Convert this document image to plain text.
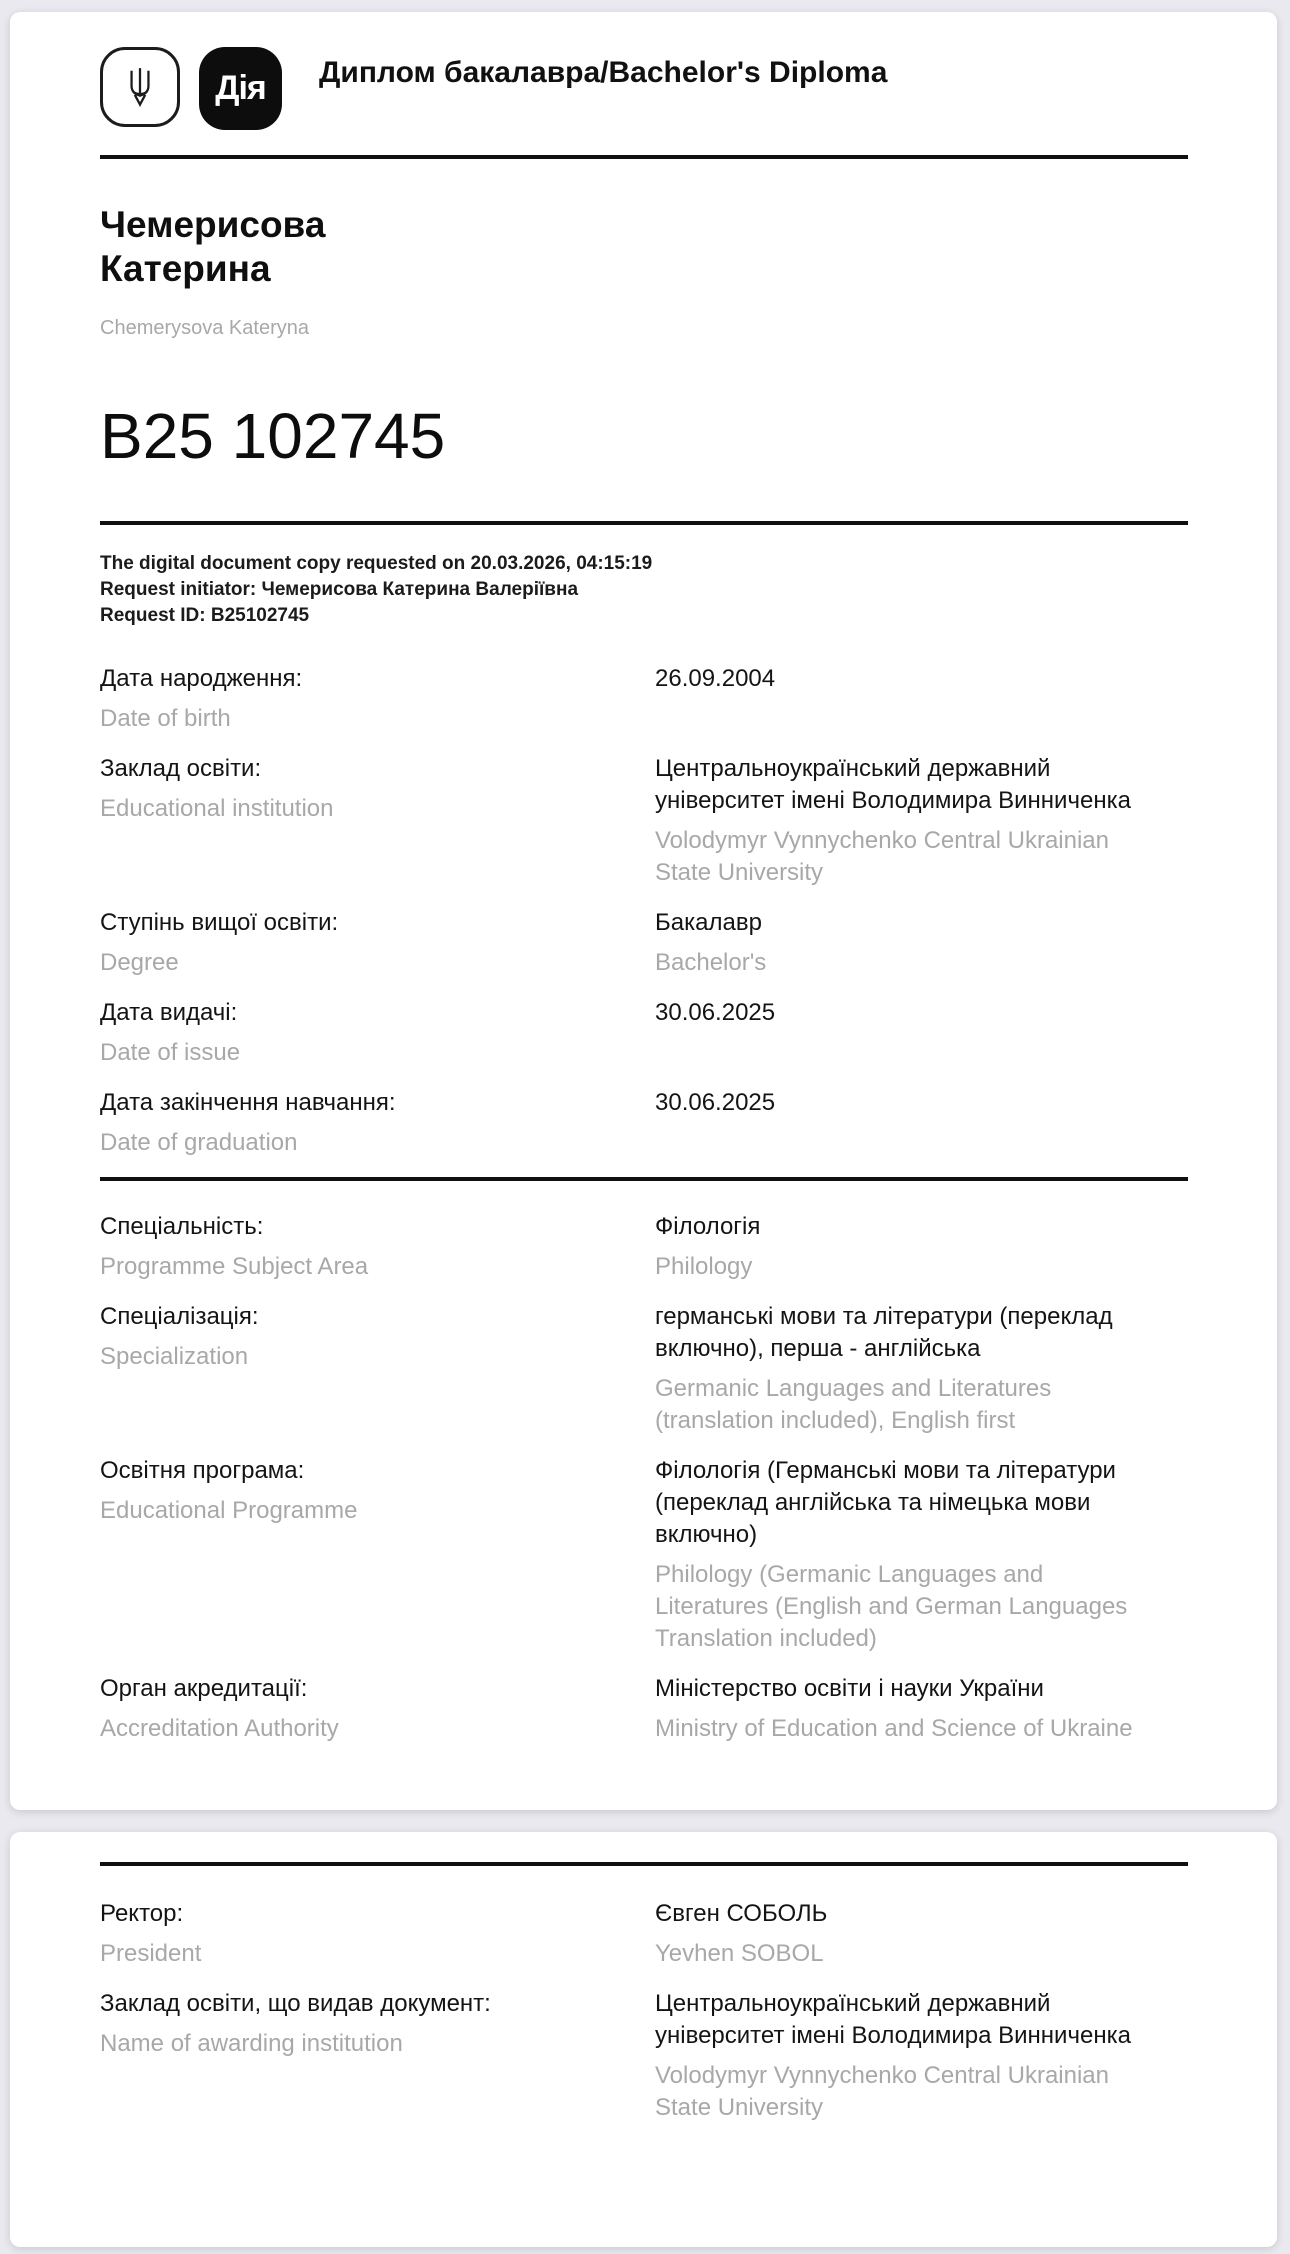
Дія Диплом бакалавра/Bachelor's Diploma
Чемерисова
Катерина
Chemerysova Kateryna
В25 102745
The digital document copy requested on 20.03.2026, 04:15:19
Request initiator: Чемерисова Катерина Валеріївна
Request ID: B25102745
Дата народження:
Date of birth
26.09.2004
Заклад освіти:
Educational institution
Центральноукраїнський державний університет імені Володимира Винниченка
Volodymyr Vynnychenko Central Ukrainian State University
Ступінь вищої освіти:
Degree
Бакалавр
Bachelor's
Дата видачі:
Date of issue
30.06.2025
Дата закінчення навчання:
Date of graduation
30.06.2025
Спеціальність:
Programme Subject Area
Філологія
Philology
Спеціалізація:
Specialization
германські мови та літератури (переклад включно), перша - англійська
Germanic Languages and Literatures (translation included), English first
Освітня програма:
Educational Programme
Філологія (Германські мови та літератури (переклад англійська та німецька мови включно)
Philology (Germanic Languages and Literatures (English and German Languages Translation included)
Орган акредитації:
Accreditation Authority
Міністерство освіти і науки України
Ministry of Education and Science of Ukraine
Ректор:
President
Євген СОБОЛЬ
Yevhen SOBOL
Заклад освіти, що видав документ:
Name of awarding institution
Центральноукраїнський державний університет імені Володимира Винниченка
Volodymyr Vynnychenko Central Ukrainian State University
